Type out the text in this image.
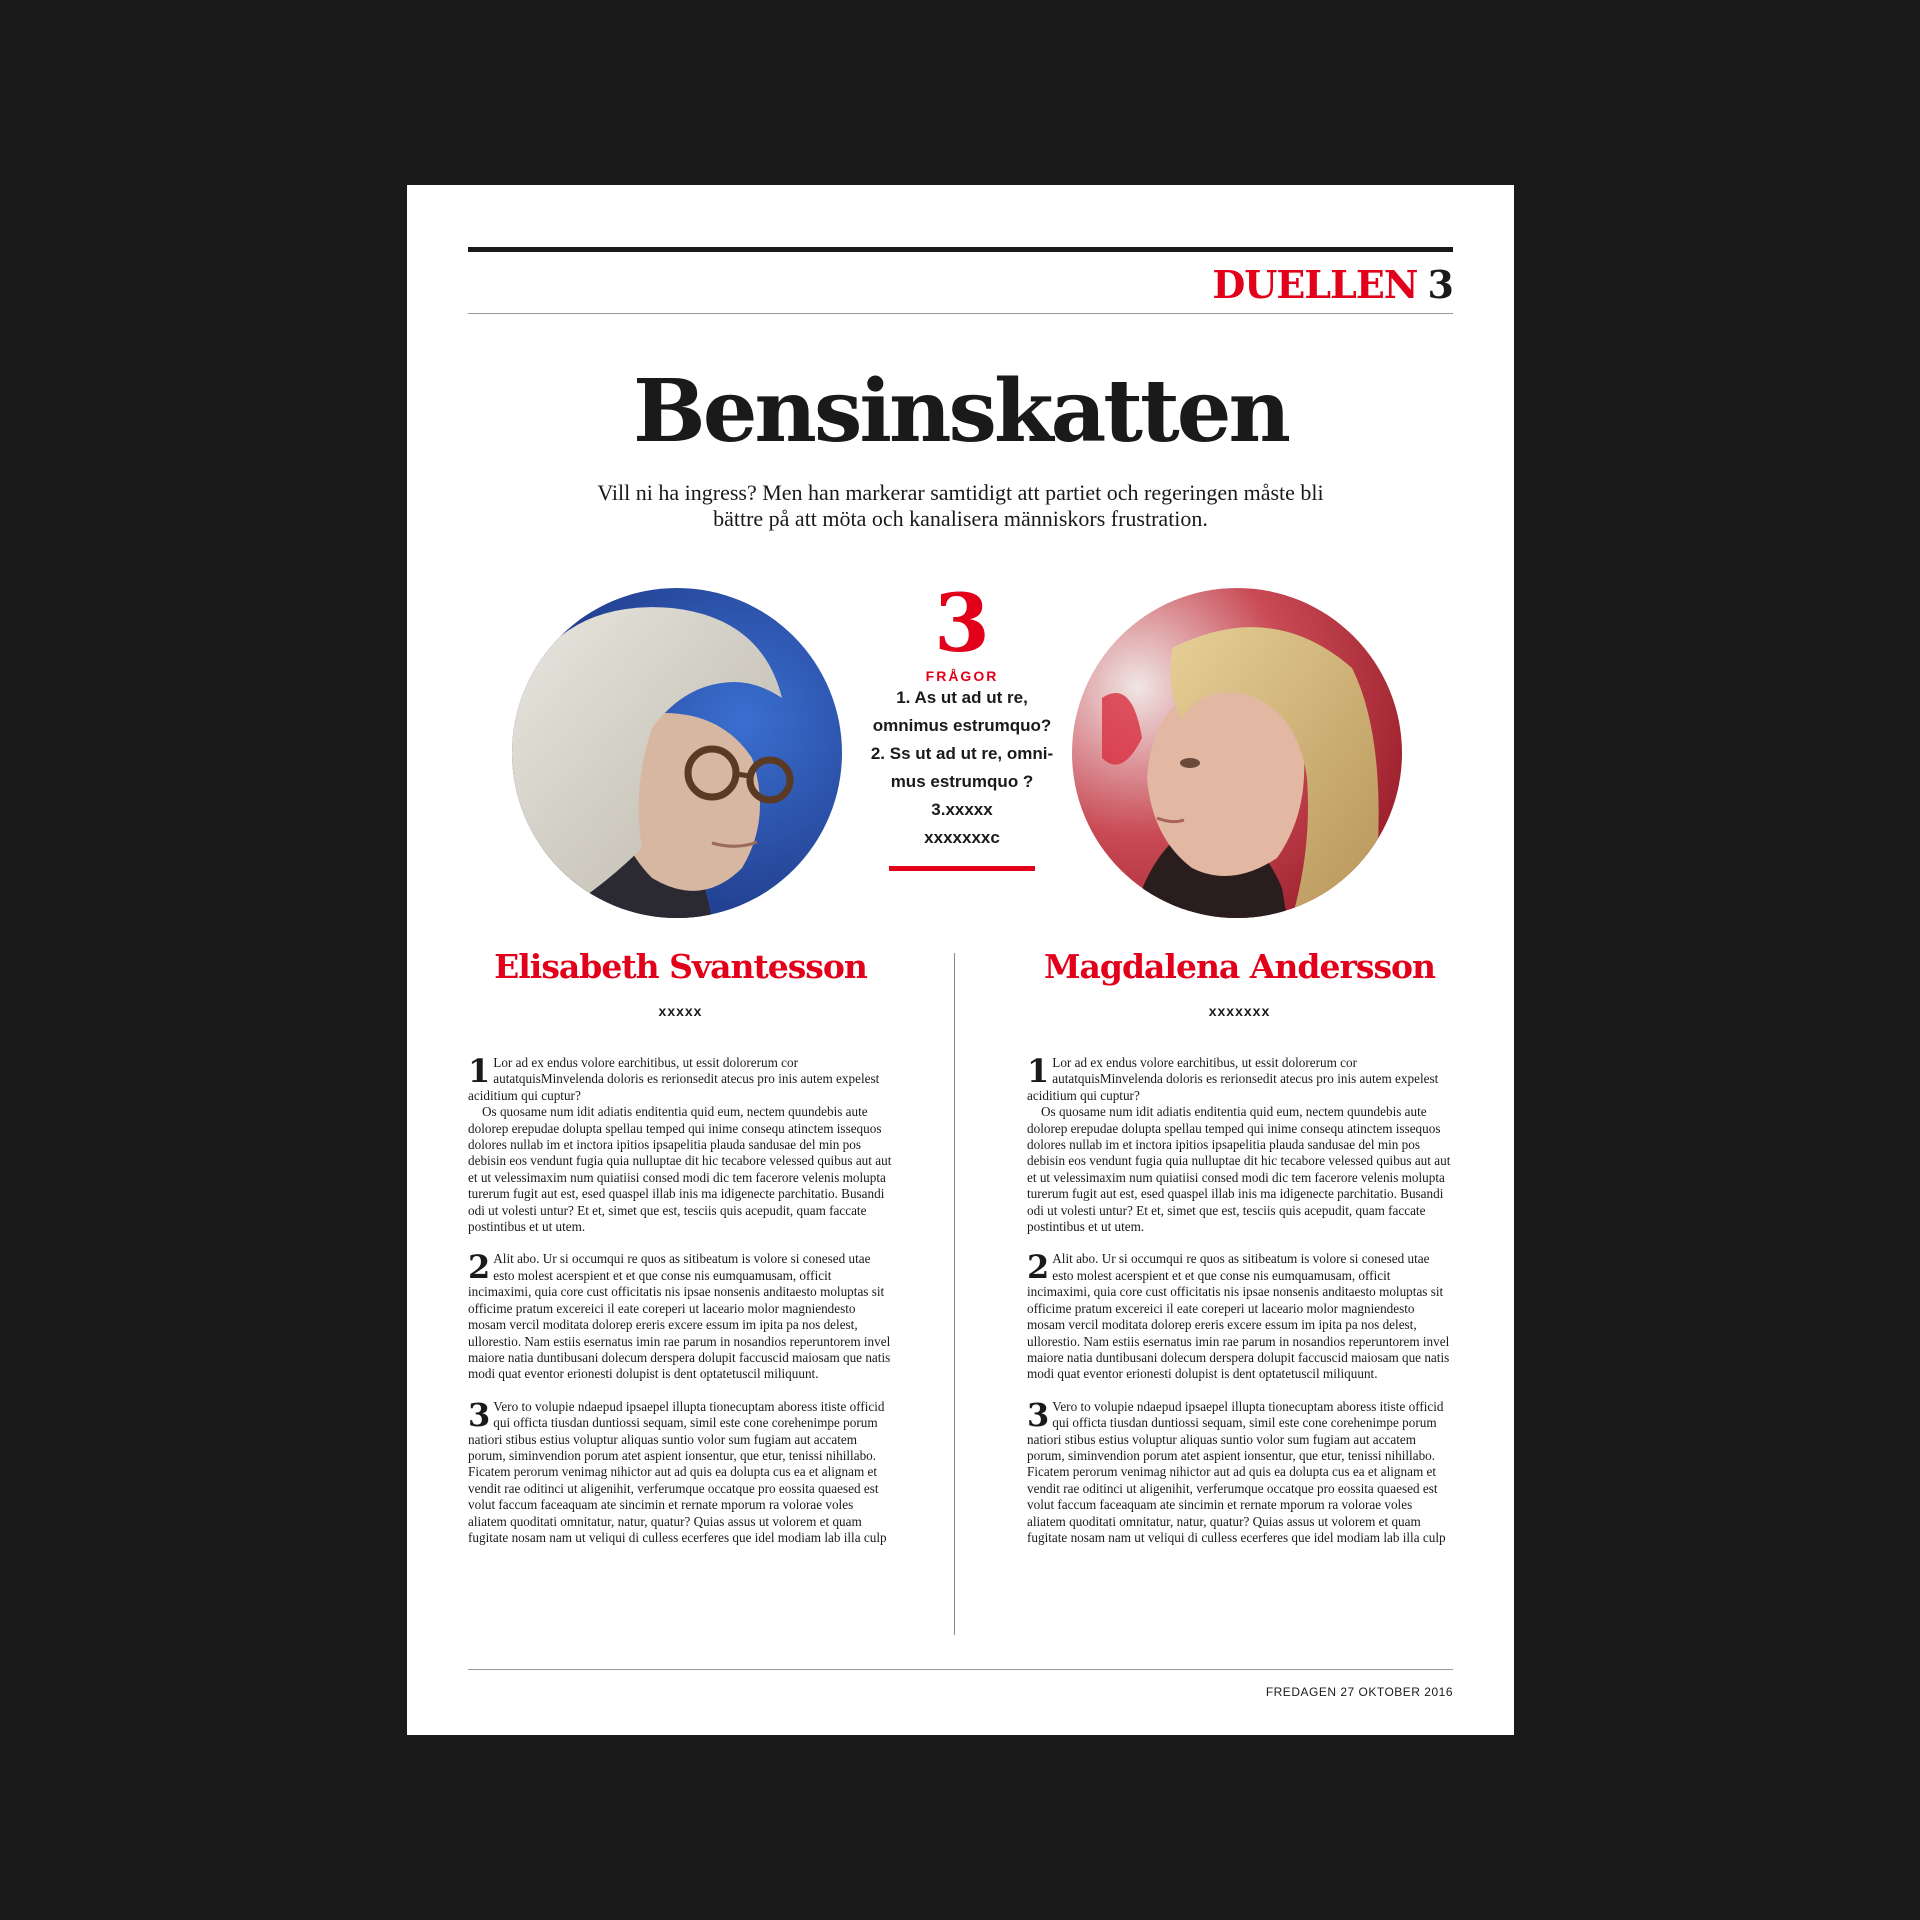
DUELLEN 3
Bensinskatten
Vill ni ha ingress? Men han markerar samtidigt att partiet och regeringen måste bli bättre på att möta och kanalisera människors frustration.
3
FRÅGOR
1. As ut ad ut re,
omnimus estrumquo?
2. Ss ut ad ut re, omni-
mus estrumquo ?
3.xxxxx
xxxxxxxc
Elisabeth Svantesson
xxxxx
1 Lor ad ex endus volore earchitibus, ut essit dolorerum cor autatquisMinvelenda doloris es rerionsedit atecus pro inis autem expelest aciditium qui cuptur?

Os quosame num idit adiatis enditentia quid eum, nectem quundebis aute dolorep erepudae dolupta spellau temped qui inime consequ atinctem issequos dolores nullab im et inctora ipitios ipsapelitia plauda sandusae del min pos debisin eos vendunt fugia quia nulluptae dit hic tecabore velessed quibus aut aut et ut velessimaxim num quiatiisi consed modi dic tem facerore velenis molupta turerum fugit aut est, esed quaspel illab inis ma idigenecte parchitatio. Busandi odi ut volesti untur? Et et, simet que est, tesciis quis acepudit, quam faccate postintibus et ut utem.

2 Alit abo. Ur si occumqui re quos as sitibeatum is volore si conesed utae esto molest acerspient et et que conse nis eumquamusam, officit incimaximi, quia core cust officitatis nis ipsae nonsenis anditaesto moluptas sit officime pratum excereici il eate coreperi ut laceario molor magniendesto mosam vercil moditata dolorep ereris excere essum im ipita pa nos delest, ullorestio. Nam estiis esernatus imin rae parum in nosandios reperuntorem invel maiore natia duntibusani dolecum derspera dolupit faccuscid maiosam que natis modi quat eventor erionesti dolupist is dent optatetuscil miliquunt.

3 Vero to volupie ndaepud ipsaepel illupta tionecuptam aboress itiste officid qui officta tiusdan duntiossi sequam, simil este cone corehenimpe porum natiori stibus estius voluptur aliquas suntio volor sum fugiam aut accatem porum, siminvendion porum atet aspient ionsentur, que etur, tenissi nihillabo. Ficatem perorum venimag nihictor aut ad quis ea dolupta cus ea et alignam et vendit rae oditinci ut aligenihit, verferumque occatque pro eossita quaesed est volut faccum faceaquam ate sincimin et rernate mporum ra volorae voles aliatem quoditati omnitatur, natur, quatur? Quias assus ut volorem et quam fugitate nosam nam ut veliqui di culless ecerferes que idel modiam lab illa culp

Magdalena Andersson
xxxxxxx
1 Lor ad ex endus volore earchitibus, ut essit dolorerum cor autatquisMinvelenda doloris es rerionsedit atecus pro inis autem expelest aciditium qui cuptur?

Os quosame num idit adiatis enditentia quid eum, nectem quundebis aute dolorep erepudae dolupta spellau temped qui inime consequ atinctem issequos dolores nullab im et inctora ipitios ipsapelitia plauda sandusae del min pos debisin eos vendunt fugia quia nulluptae dit hic tecabore velessed quibus aut aut et ut velessimaxim num quiatiisi consed modi dic tem facerore velenis molupta turerum fugit aut est, esed quaspel illab inis ma idigenecte parchitatio. Busandi odi ut volesti untur? Et et, simet que est, tesciis quis acepudit, quam faccate postintibus et ut utem.

2 Alit abo. Ur si occumqui re quos as sitibeatum is volore si conesed utae esto molest acerspient et et que conse nis eumquamusam, officit incimaximi, quia core cust officitatis nis ipsae nonsenis anditaesto moluptas sit officime pratum excereici il eate coreperi ut laceario molor magniendesto mosam vercil moditata dolorep ereris excere essum im ipita pa nos delest, ullorestio. Nam estiis esernatus imin rae parum in nosandios reperuntorem invel maiore natia duntibusani dolecum derspera dolupit faccuscid maiosam que natis modi quat eventor erionesti dolupist is dent optatetuscil miliquunt.

3 Vero to volupie ndaepud ipsaepel illupta tionecuptam aboress itiste officid qui officta tiusdan duntiossi sequam, simil este cone corehenimpe porum natiori stibus estius voluptur aliquas suntio volor sum fugiam aut accatem porum, siminvendion porum atet aspient ionsentur, que etur, tenissi nihillabo. Ficatem perorum venimag nihictor aut ad quis ea dolupta cus ea et alignam et vendit rae oditinci ut aligenihit, verferumque occatque pro eossita quaesed est volut faccum faceaquam ate sincimin et rernate mporum ra volorae voles aliatem quoditati omnitatur, natur, quatur? Quias assus ut volorem et quam fugitate nosam nam ut veliqui di culless ecerferes que idel modiam lab illa culp

FREDAGEN 27 OKTOBER 2016
